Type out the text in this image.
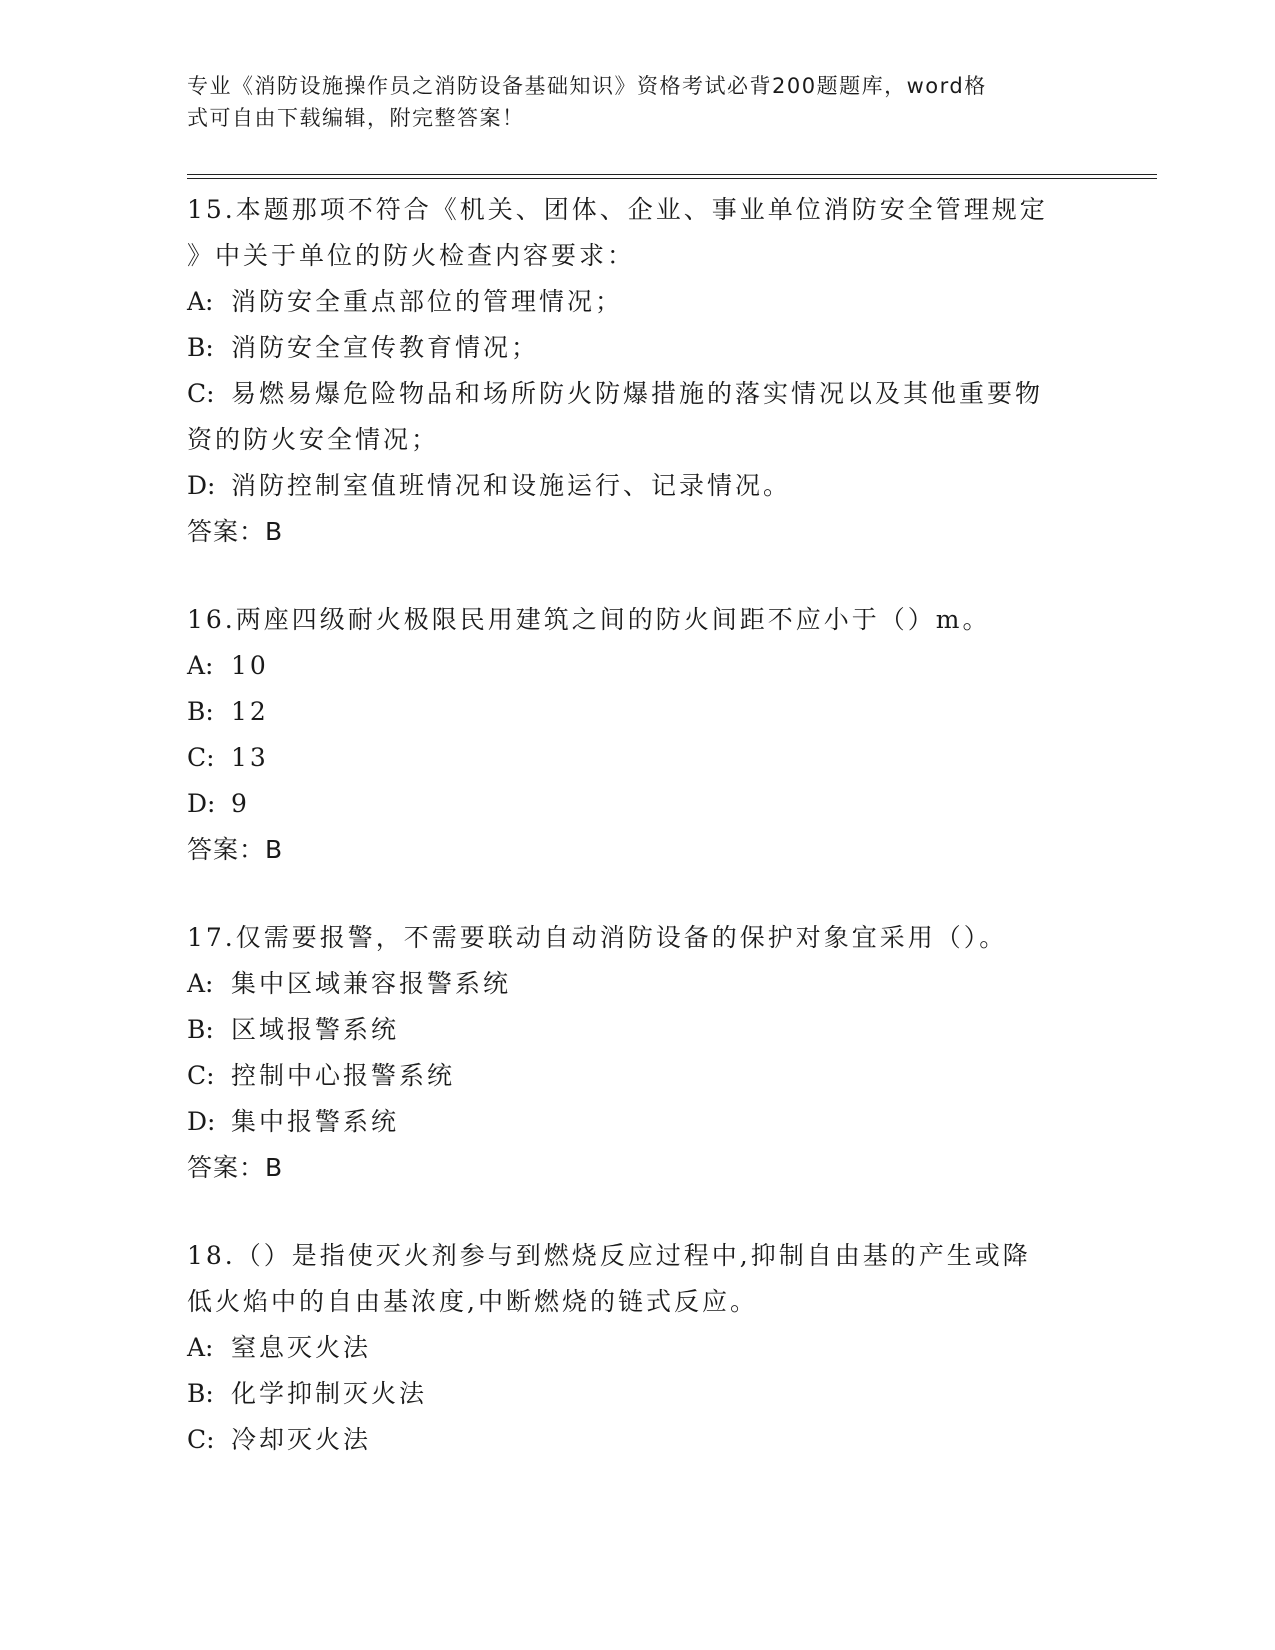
专业《消防设施操作员之消防设备基础知识》资格考试必背200题题库，word格

式可自由下载编辑，附完整答案！

15.本题那项不符合《机关、团体、企业、事业单位消防安全管理规定

》中关于单位的防火检查内容要求：

A: 消防安全重点部位的管理情况；

B: 消防安全宣传教育情况；

C: 易燃易爆危险物品和场所防火防爆措施的落实情况以及其他重要物

资的防火安全情况；

D: 消防控制室值班情况和设施运行、记录情况。

答案：B

16.两座四级耐火极限民用建筑之间的防火间距不应小于（）m。

A: 10

B: 12

C: 13

D: 9

答案：B

17.仅需要报警，不需要联动自动消防设备的保护对象宜采用（）。

A: 集中区域兼容报警系统

B: 区域报警系统

C: 控制中心报警系统

D: 集中报警系统

答案：B

18.（）是指使灭火剂参与到燃烧反应过程中,抑制自由基的产生或降

低火焰中的自由基浓度,中断燃烧的链式反应。

A: 窒息灭火法

B: 化学抑制灭火法

C: 冷却灭火法
